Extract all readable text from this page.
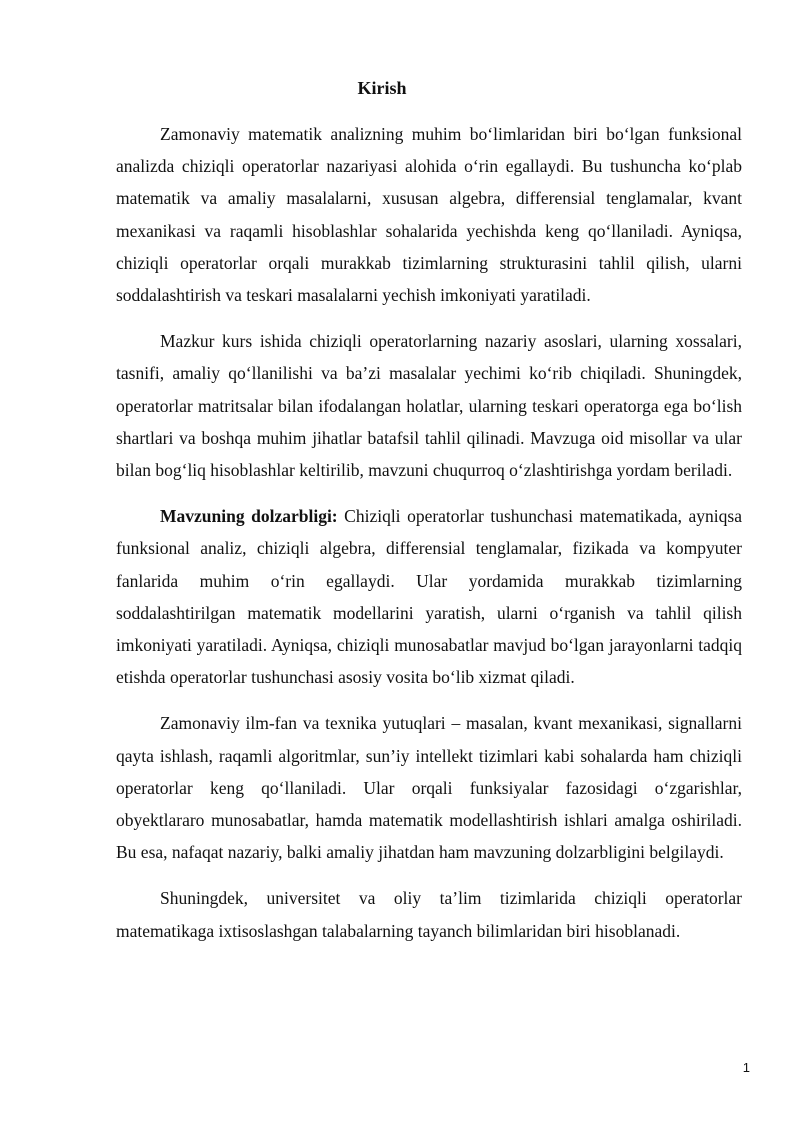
Kirish

Zamonaviy matematik analizning muhim bo‘limlaridan biri bo‘lgan funksional analizda chiziqli operatorlar nazariyasi alohida o‘rin egallaydi. Bu tushuncha ko‘plab matematik va amaliy masalalarni, xususan algebra, differensial tenglamalar, kvant mexanikasi va raqamli hisoblashlar sohalarida yechishda keng qo‘llaniladi. Ayniqsa, chiziqli operatorlar orqali murakkab tizimlarning strukturasini tahlil qilish, ularni soddalashtirish va teskari masalalarni yechish imkoniyati yaratiladi.

Mazkur kurs ishida chiziqli operatorlarning nazariy asoslari, ularning xossalari, tasnifi, amaliy qo‘llanilishi va ba’zi masalalar yechimi ko‘rib chiqiladi. Shuningdek, operatorlar matritsalar bilan ifodalangan holatlar, ularning teskari operatorga ega bo‘lish shartlari va boshqa muhim jihatlar batafsil tahlil qilinadi. Mavzuga oid misollar va ular bilan bog‘liq hisoblashlar keltirilib, mavzuni chuqurroq o‘zlashtirishga yordam beriladi.

Mavzuning dolzarbligi: Chiziqli operatorlar tushunchasi matematikada, ayniqsa funksional analiz, chiziqli algebra, differensial tenglamalar, fizikada va kompyuter fanlarida muhim o‘rin egallaydi. Ular yordamida murakkab tizimlarning soddalashtirilgan matematik modellarini yaratish, ularni o‘rganish va tahlil qilish imkoniyati yaratiladi. Ayniqsa, chiziqli munosabatlar mavjud bo‘lgan jarayonlarni tadqiq etishda operatorlar tushunchasi asosiy vosita bo‘lib xizmat qiladi.

Zamonaviy ilm-fan va texnika yutuqlari – masalan, kvant mexanikasi, signallarni qayta ishlash, raqamli algoritmlar, sun’iy intellekt tizimlari kabi sohalarda ham chiziqli operatorlar keng qo‘llaniladi. Ular orqali funksiyalar fazosidagi o‘zgarishlar, obyektlararo munosabatlar, hamda matematik modellashtirish ishlari amalga oshiriladi. Bu esa, nafaqat nazariy, balki amaliy jihatdan ham mavzuning dolzarbligini belgilaydi.

Shuningdek, universitet va oliy ta’lim tizimlarida chiziqli operatorlar matematikaga ixtisoslashgan talabalarning tayanch bilimlaridan biri hisoblanadi.

1
